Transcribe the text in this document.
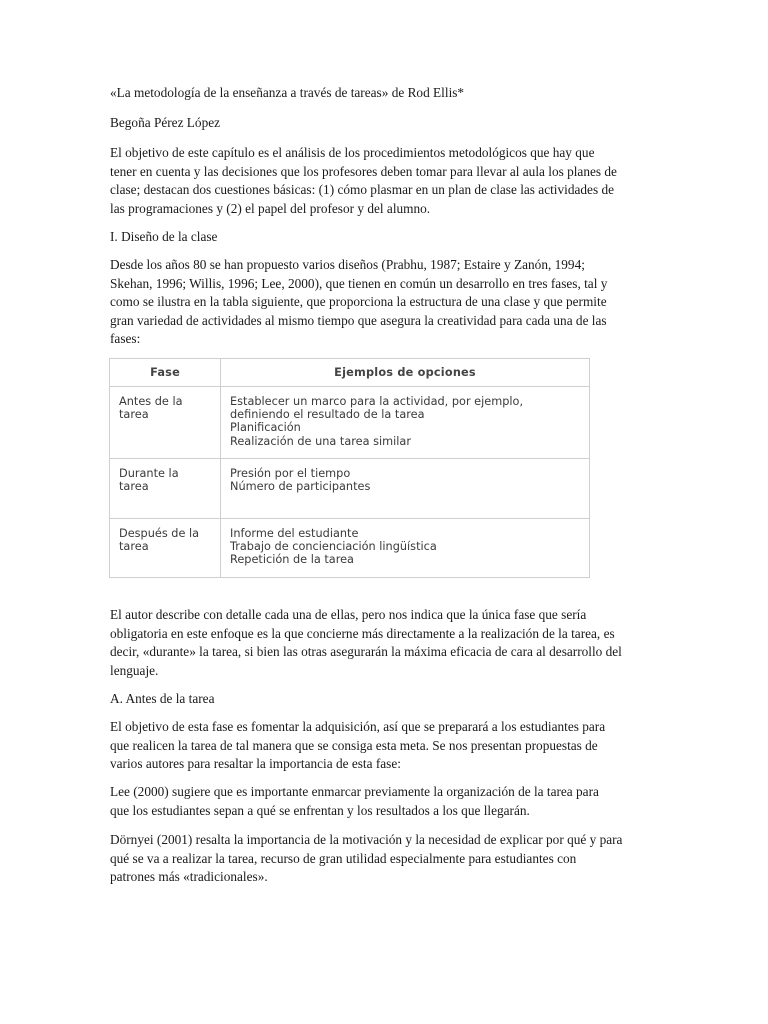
«La metodología de la enseñanza a través de tareas» de Rod Ellis*

Begoña Pérez López

El objetivo de este capítulo es el análisis de los procedimientos metodológicos que hay que
tener en cuenta y las decisiones que los profesores deben tomar para llevar al aula los planes de
clase; destacan dos cuestiones básicas: (1) cómo plasmar en un plan de clase las actividades de
las programaciones y (2) el papel del profesor y del alumno.

I. Diseño de la clase

Desde los años 80 se han propuesto varios diseños (Prabhu, 1987; Estaire y Zanón, 1994;
Skehan, 1996; Willis, 1996; Lee, 2000), que tienen en común un desarrollo en tres fases, tal y
como se ilustra en la tabla siguiente, que proporciona la estructura de una clase y que permite
gran variedad de actividades al mismo tiempo que asegura la creatividad para cada una de las
fases:

Fase	Ejemplos de opciones

Antes de la
tarea	Establecer un marco para la actividad, por ejemplo,
definiendo el resultado de la tarea
Planificación
Realización de una tarea similar

Durante la
tarea	Presión por el tiempo
Número de participantes

Después de la
tarea	Informe del estudiante
Trabajo de concienciación lingüística
Repetición de la tarea

El autor describe con detalle cada una de ellas, pero nos indica que la única fase que sería
obligatoria en este enfoque es la que concierne más directamente a la realización de la tarea, es
decir, «durante» la tarea, si bien las otras asegurarán la máxima eficacia de cara al desarrollo del
lenguaje.

A. Antes de la tarea

El objetivo de esta fase es fomentar la adquisición, así que se preparará a los estudiantes para
que realicen la tarea de tal manera que se consiga esta meta. Se nos presentan propuestas de
varios autores para resaltar la importancia de esta fase:

Lee (2000) sugiere que es importante enmarcar previamente la organización de la tarea para
que los estudiantes sepan a qué se enfrentan y los resultados a los que llegarán.

Dörnyei (2001) resalta la importancia de la motivación y la necesidad de explicar por qué y para
qué se va a realizar la tarea, recurso de gran utilidad especialmente para estudiantes con
patrones más «tradicionales».
